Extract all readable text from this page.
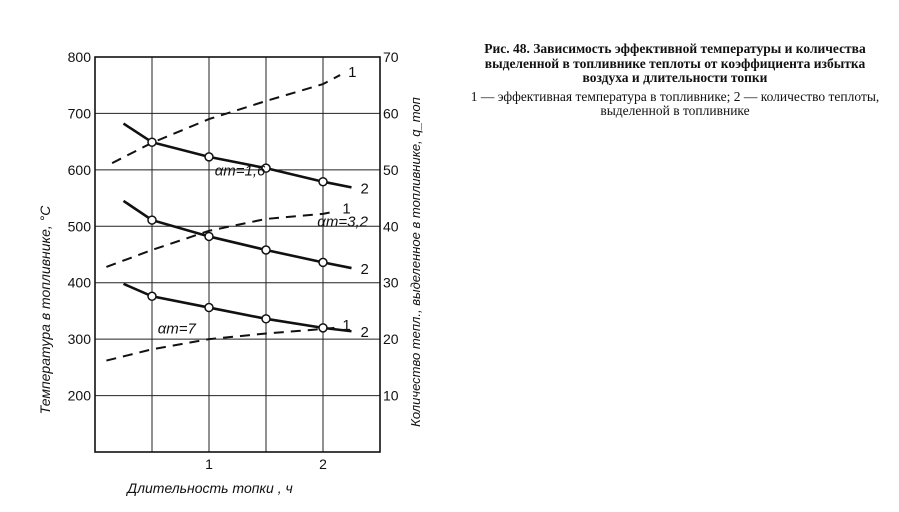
1	2
200
300
400
500
600
700
800
10
20
30
40
50
60
70
1
2
αm=1,6
1
2
αm=3,2
1 2
αm=7
Длительность топки , ч
Температура в топливнике, °С	Количество тепл., выделенное в топливнике, q_топ

Рис. 48. Зависимость эффективной температуры и количества выделенной в топливнике теплоты от коэффициента избытка воздуха и длительности топки

1 — эффективная температура в топливнике; 2 — количество теплоты, выделенной в топливнике
